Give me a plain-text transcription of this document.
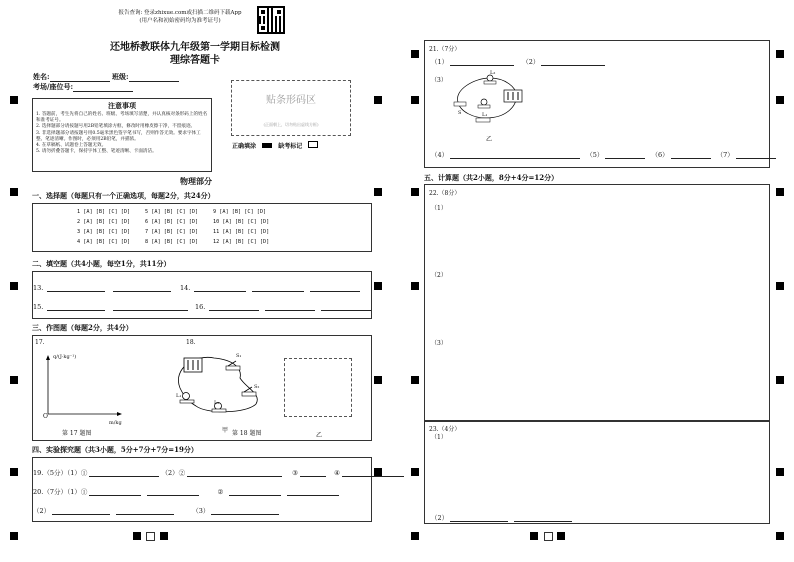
报告查询: 登录zhixue.com或扫描二维码下载App
(用户名和初始密码均为准考证号)
还地桥教联体九年级第一学期目标检测
理综答题卡
姓名:	班级:
考场/座位号:
注意事项
1. 答题前，考生先将自己的姓名、班级、考场填写清楚，并认真核对条形码上的姓名和准考证号。
2. 选择题部分请按题号用2B铅笔填涂方框，修改时用橡皮擦干净，不留痕迹。
3. 非选择题部分请按题号用0.5毫米黑色签字笔书写，否则作答无效。要求字体工整、笔迹清晰。作图时，必须用2B铅笔，并描浓。
4. 在草稿纸、试题卷上答题无效。
5. 请勿折叠答题卡，保持字体工整、笔迹清晰、卡面清洁。
贴条形码区
(正面朝上，切勿贴出虚线方框)
正确填涂	缺考标记
物理部分
一、选择题（每题只有一个正确选项，每题2分，共24分）
1 [A] [B] [C] [D]	5 [A] [B] [C] [D]	9 [A] [B] [C] [D]
2 [A] [B] [C] [D]	6 [A] [B] [C] [D]	10 [A] [B] [C] [D]
3 [A] [B] [C] [D]	7 [A] [B] [C] [D]	11 [A] [B] [C] [D]
4 [A] [B] [C] [D]	8 [A] [B] [C] [D]	12 [A] [B] [C] [D]
二、填空题（共4小题，每空1分，共11分）
13.	14.
15.	16.
三、作图题（每题2分，共4分）
17.	18.
q/(J·kg⁻¹)
m/kg
O
第 17 题图
S₁
S₂
L₁
L₂
甲 第 18 题图	乙
四、实验探究题（共3小题，5分+7分+7分=19分）
19.（5分）（1）①	（2）②	③	④
20.（7分）（1）①	②
（2）	（3）
21.（7分）
（1）	（2）
（3）
L₂
S	L₁
乙
（4）	（5）	（6）	（7）
五、计算题（共2小题，8分+4分=12分）
22.（8分）
（1）
（2）
（3）
23.（4分）
（1）
（2）
